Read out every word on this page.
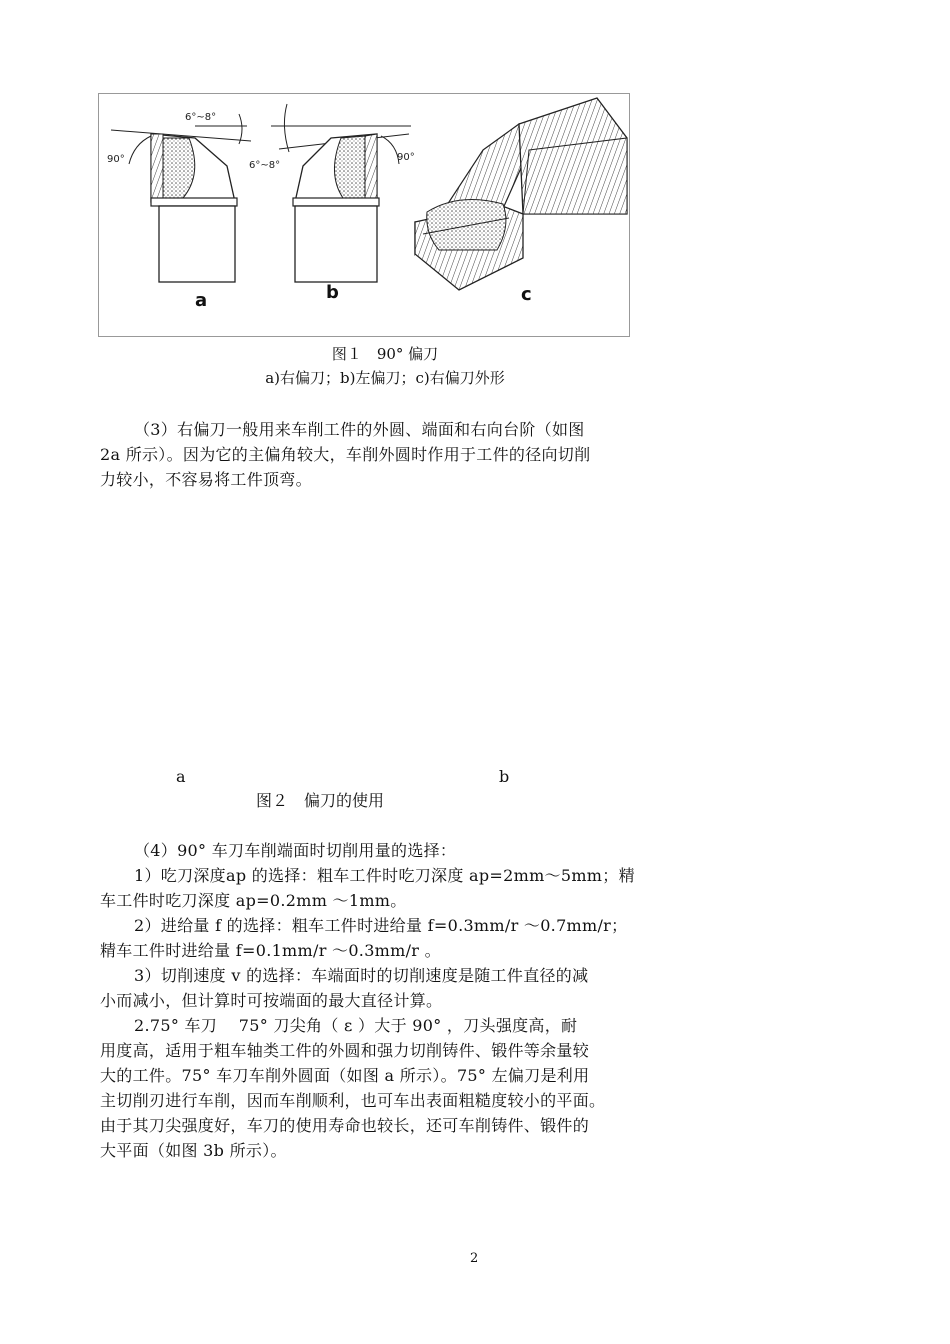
a	b	c
6°~8°
90°
6°~8°
90°
图１　90° 偏刀
a)右偏刀；b)左偏刀；c)右偏刀外形
（3）右偏刀一般用来车削工件的外圆、端面和右向台阶（如图
2a 所示）。因为它的主偏角较大，车削外圆时作用于工件的径向切削
力较小，不容易将工件顶弯。
a	b
图２　偏刀的使用
（4）90° 车刀车削端面时切削用量的选择：
1）吃刀深度ap 的选择：粗车工件时吃刀深度 ap=2mm～5mm；精
车工件时吃刀深度 ap=0.2mm ～1mm。
2）进给量 f 的选择：粗车工件时进给量 f=0.3mm/r ～0.7mm/r；
精车工件时进给量 f=0.1mm/r ～0.3mm/r 。
3）切削速度 v 的选择：车端面时的切削速度是随工件直径的减
小而减小，但计算时可按端面的最大直径计算。
2.75° 车刀　 75° 刀尖角（ ε ）大于 90° ，刀头强度高，耐
用度高，适用于粗车轴类工件的外圆和强力切削铸件、锻件等余量较
大的工件。75° 车刀车削外圆面（如图 a 所示）。75° 左偏刀是利用
主切削刃进行车削，因而车削顺利，也可车出表面粗糙度较小的平面。
由于其刀尖强度好，车刀的使用寿命也较长，还可车削铸件、锻件的
大平面（如图 3b 所示）。
2
